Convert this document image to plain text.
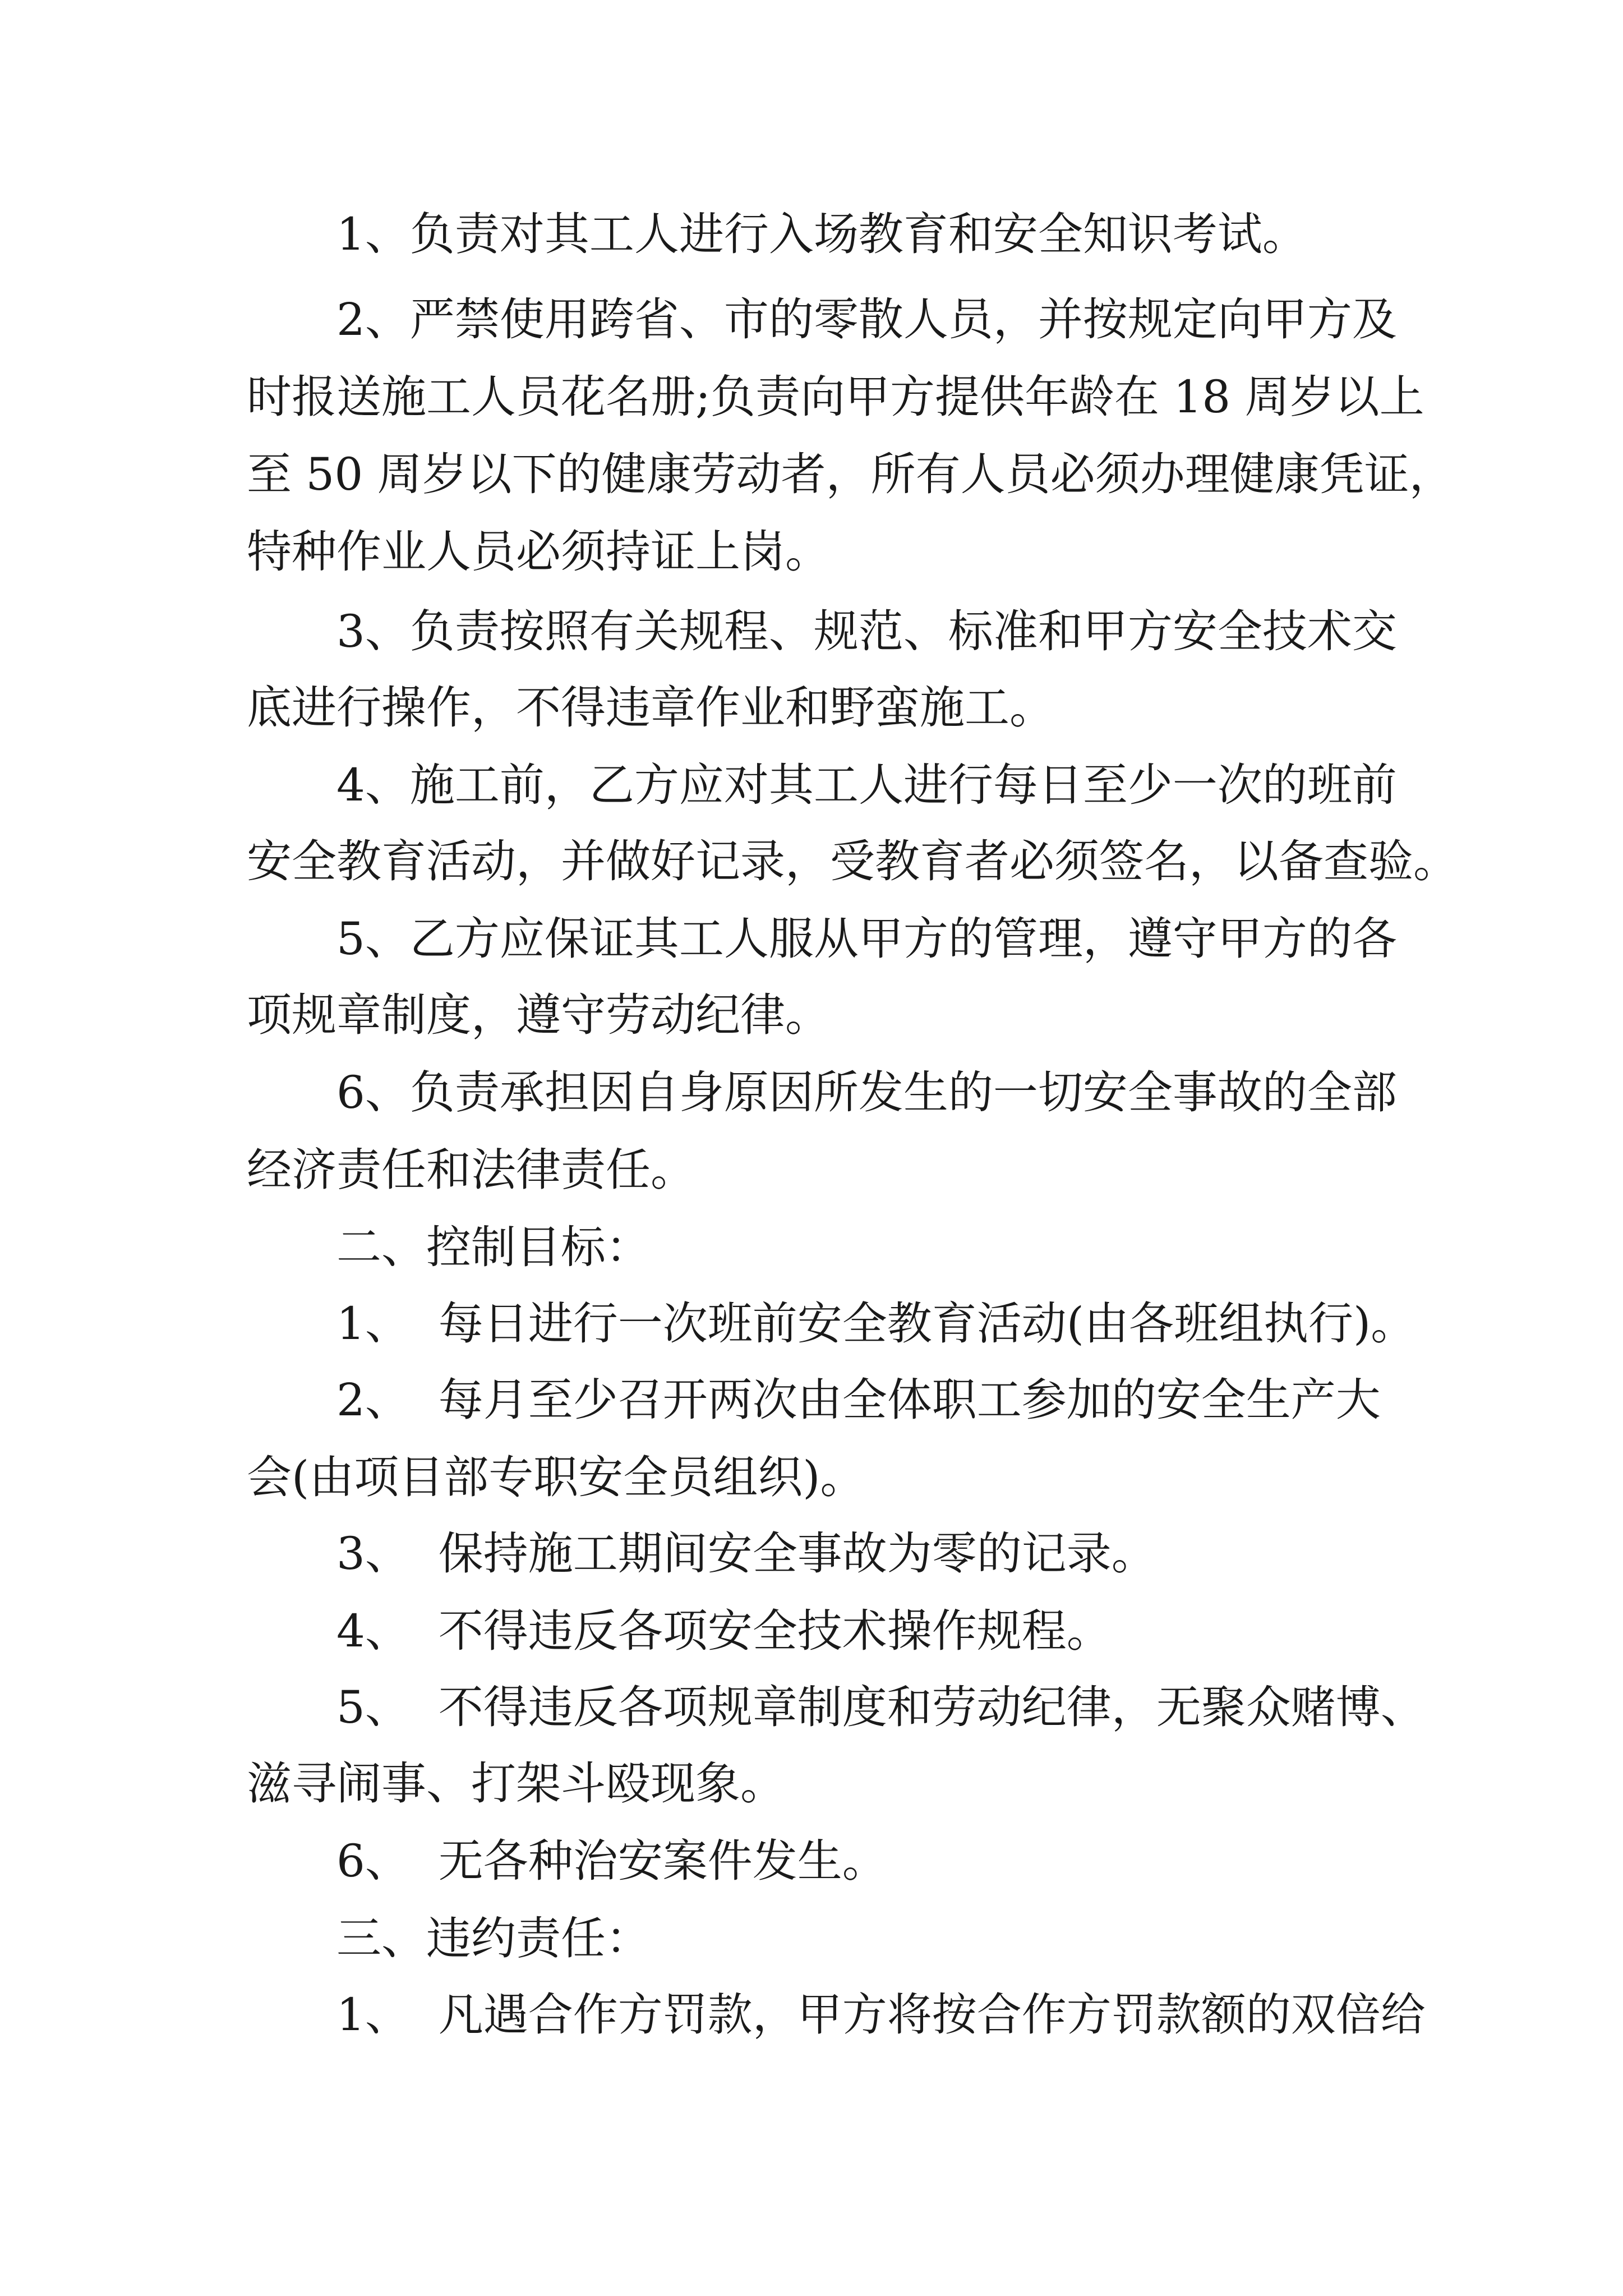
1、负责对其工人进行入场教育和安全知识考试。
2、严禁使用跨省、市的零散人员，并按规定向甲方及
时报送施工人员花名册;负责向甲方提供年龄在 18 周岁以上
至 50 周岁以下的健康劳动者，所有人员必须办理健康凭证，
特种作业人员必须持证上岗。
3、负责按照有关规程、规范、标准和甲方安全技术交
底进行操作，不得违章作业和野蛮施工。
4、施工前，乙方应对其工人进行每日至少一次的班前
安全教育活动，并做好记录，受教育者必须签名，以备查验。
5、乙方应保证其工人服从甲方的管理，遵守甲方的各
项规章制度，遵守劳动纪律。
6、负责承担因自身原因所发生的一切安全事故的全部
经济责任和法律责任。
二、控制目标：
1、  每日进行一次班前安全教育活动(由各班组执行)。
2、  每月至少召开两次由全体职工参加的安全生产大
会(由项目部专职安全员组织)。
3、  保持施工期间安全事故为零的记录。
4、  不得违反各项安全技术操作规程。
5、  不得违反各项规章制度和劳动纪律，无聚众赌博、
滋寻闹事、打架斗殴现象。
6、  无各种治安案件发生。
三、违约责任：
1、  凡遇合作方罚款，甲方将按合作方罚款额的双倍给
